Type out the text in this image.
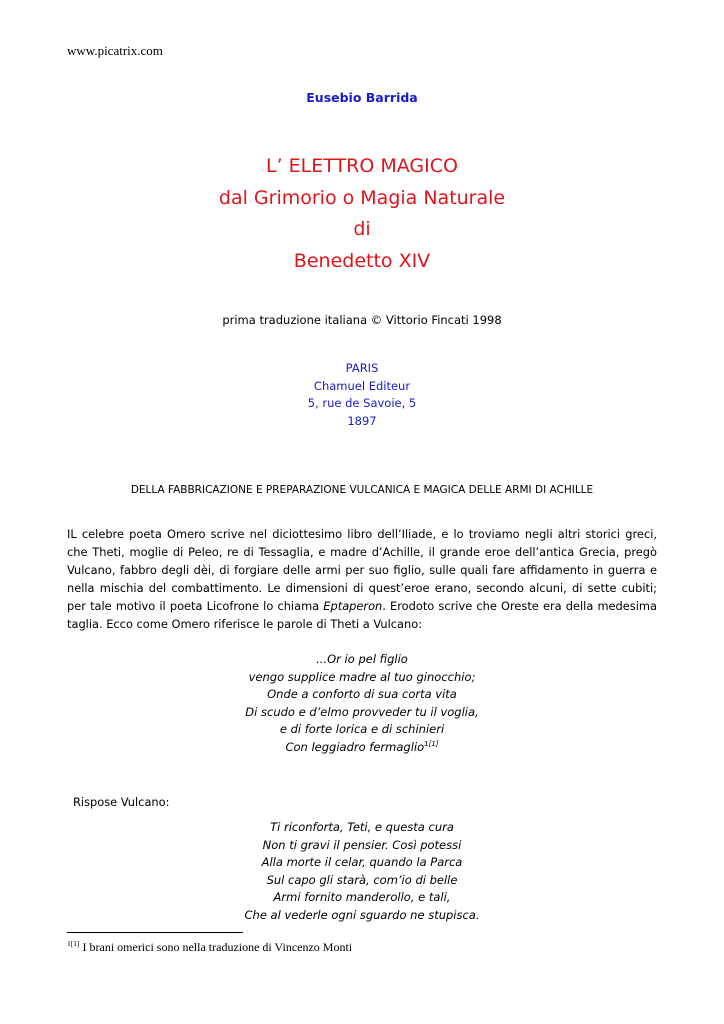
www.picatrix.com
Eusebio Barrida
L’ ELETTRO MAGICO
dal Grimorio o Magia Naturale
di
Benedetto XIV
prima traduzione italiana © Vittorio Fincati 1998
PARIS
Chamuel Editeur
5, rue de Savoie, 5
1897
DELLA FABBRICAZIONE E PREPARAZIONE VULCANICA E MAGICA DELLE ARMI DI ACHILLE

IL celebre poeta Omero scrive nel diciottesimo libro dell’Iliade, e lo troviamo negli altri storici greci, che Theti, moglie di Peleo, re di Tessaglia, e madre d’Achille, il grande eroe dell’antica Grecia, pregò Vulcano, fabbro degli dèi, di forgiare delle armi per suo figlio, sulle quali fare affidamento in guerra e nella mischia del combattimento. Le dimensioni di quest’eroe erano, secondo alcuni, di sette cubiti; per tale motivo il poeta Licofrone lo chiama Eptaperon. Erodoto scrive che Oreste era della medesima taglia. Ecco come Omero riferisce le parole di Theti a Vulcano:

...Or io pel figlio
vengo supplice madre al tuo ginocchio;
Onde a conforto di sua corta vita
Di scudo e d’elmo provveder tu il voglia,
e di forte lorica e di schinieri
Con leggiadro fermaglio$^{1[1]}$
Rispose Vulcano:
Ti riconforta, Teti, e questa cura
Non ti gravi il pensier. Così potessi
Alla morte il celar, quando la Parca
Sul capo gli starà, com’io di belle
Armi fornito manderollo, e tali,
Che al vederle ogni sguardo ne stupisca.
$^{1[1]}$ I brani omerici sono nella traduzione di Vincenzo Monti
